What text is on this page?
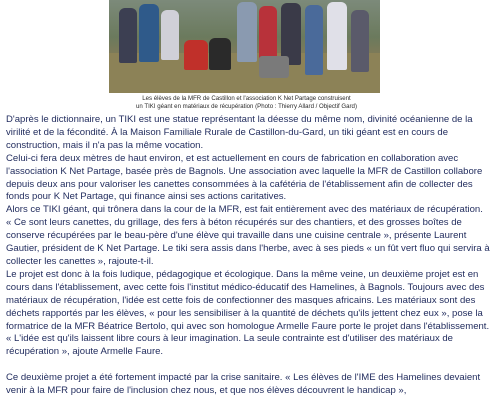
Les élèves de la MFR de Castillon et l'association K Net Partage construisent
un TIKI géant en matériaux de récupération (Photo : Thierry Allard / Objectif Gard)

D'après le dictionnaire, un TIKI est une statue représentant la déesse du même nom, divinité océanienne de la virilité et de la fécondité. À la Maison Familiale Rurale de Castillon-du-Gard, un tiki géant est en cours de construction, mais il n'a pas la même vocation.

Celui-ci fera deux mètres de haut environ, et est actuellement en cours de fabrication en collaboration avec l'association K Net Partage, basée près de Bagnols. Une association avec laquelle la MFR de Castillon collabore depuis deux ans pour valoriser les canettes consommées à la cafétéria de l'établissement afin de collecter des fonds pour K Net Partage, qui finance ainsi ses actions caritatives.

Alors ce TIKI géant, qui trônera dans la cour de la MFR, est fait entièrement avec des matériaux de récupération. « Ce sont leurs canettes, du grillage, des fers à béton récupérés sur des chantiers, et des grosses boîtes de conserve récupérées par le beau-père d'une élève qui travaille dans une cuisine centrale », présente Laurent Gautier, président de K Net Partage. Le tiki sera assis dans l'herbe, avec à ses pieds « un fût vert fluo qui servira à collecter les canettes », rajoute-t-il.

Le projet est donc à la fois ludique, pédagogique et écologique. Dans la même veine, un deuxième projet est en cours dans l'établissement, avec cette fois l'institut médico-éducatif des Hamelines, à Bagnols. Toujours avec des matériaux de récupération, l'idée est cette fois de confectionner des masques africains. Les matériaux sont des déchets rapportés par les élèves, « pour les sensibiliser à la quantité de déchets qu'ils jettent chez eux », pose la formatrice de la MFR Béatrice Bertolo, qui avec son homologue Armelle Faure porte le projet dans l'établissement. « L'idée est qu'ils laissent libre cours à leur imagination. La seule contrainte est d'utiliser des matériaux de récupération », ajoute Armelle Faure.

Ce deuxième projet a été fortement impacté par la crise sanitaire. « Les élèves de l'IME des Hamelines devaient venir à la MFR pour faire de l'inclusion chez nous, et que nos élèves découvrent le handicap »,
